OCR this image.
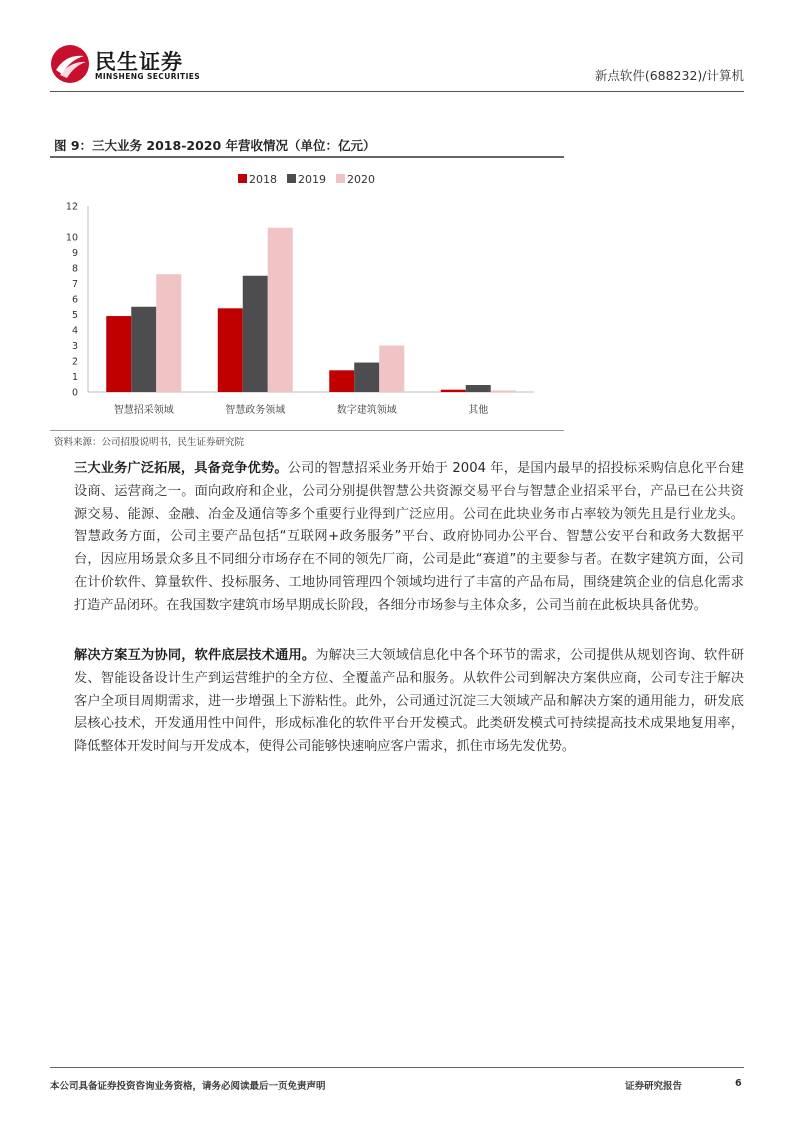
民生证券
MINSHENG SECURITIES	新点软件(688232)/计算机
图 9：三大业务 2018-2020 年营收情况（单位：亿元）
0
1
2
3
4
5
6
7
8
9
10
12
智慧招采领域	智慧政务领域	数字建筑领域	其他
2018 2019 2020
资料来源：公司招股说明书，民生证券研究院
三大业务广泛拓展，具备竞争优势。公司的智慧招采业务开始于 2004 年，是国内最早的招投标采购信息化平台建设商、运营商之一。面向政府和企业，公司分别提供智慧公共资源交易平台与智慧企业招采平台，产品已在公共资源交易、能源、金融、冶金及通信等多个重要行业得到广泛应用。公司在此块业务市占率较为领先且是行业龙头。智慧政务方面，公司主要产品包括“互联网+政务服务”平台、政府协同办公平台、智慧公安平台和政务大数据平台，因应用场景众多且不同细分市场存在不同的领先厂商，公司是此“赛道”的主要参与者。在数字建筑方面，公司在计价软件、算量软件、投标服务、工地协同管理四个领域均进行了丰富的产品布局，围绕建筑企业的信息化需求打造产品闭环。在我国数字建筑市场早期成长阶段，各细分市场参与主体众多，公司当前在此板块具备优势。
解决方案互为协同，软件底层技术通用。为解决三大领域信息化中各个环节的需求，公司提供从规划咨询、软件研发、智能设备设计生产到运营维护的全方位、全覆盖产品和服务。从软件公司到解决方案供应商，公司专注于解决客户全项目周期需求，进一步增强上下游粘性。此外，公司通过沉淀三大领域产品和解决方案的通用能力，研发底层核心技术，开发通用性中间件，形成标准化的软件平台开发模式。此类研发模式可持续提高技术成果地复用率，降低整体开发时间与开发成本，使得公司能够快速响应客户需求，抓住市场先发优势。
本公司具备证券投资咨询业务资格，请务必阅读最后一页免责声明	证券研究报告	6
